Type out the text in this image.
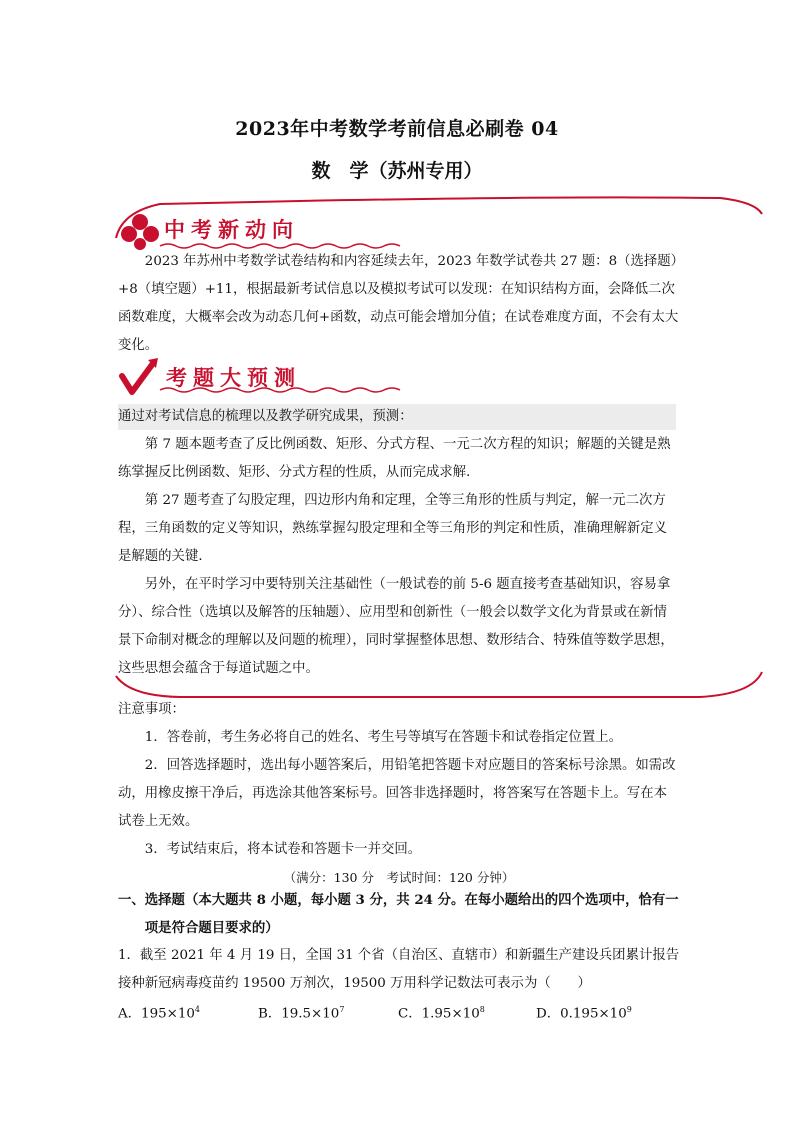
2023年中考数学考前信息必刷卷 04
数　学（苏州专用）
中考新动向

2023 年苏州中考数学试卷结构和内容延续去年，2023 年数学试卷共 27 题：8（选择题）+8（填空题）+11，根据最新考试信息以及模拟考试可以发现：在知识结构方面，会降低二次函数难度，大概率会改为动态几何+函数，动点可能会增加分值；在试卷难度方面，不会有太大变化。

考题大预测
通过对考试信息的梳理以及教学研究成果，预测：

第 7 题本题考查了反比例函数、矩形、分式方程、一元二次方程的知识；解题的关键是熟练掌握反比例函数、矩形、分式方程的性质，从而完成求解．

第 27 题考查了勾股定理，四边形内角和定理，全等三角形的性质与判定，解一元二次方程，三角函数的定义等知识，熟练掌握勾股定理和全等三角形的判定和性质，准确理解新定义是解题的关键．

另外，在平时学习中要特别关注基础性（一般试卷的前 5-6 题直接考查基础知识，容易拿分）、综合性（选填以及解答的压轴题）、应用型和创新性（一般会以数学文化为背景或在新情景下命制对概念的理解以及问题的梳理），同时掌握整体思想、数形结合、特殊值等数学思想，这些思想会蕴含于每道试题之中。

注意事项：

1．答卷前，考生务必将自己的姓名、考生号等填写在答题卡和试卷指定位置上。

2．回答选择题时，选出每小题答案后，用铅笔把答题卡对应题目的答案标号涂黑。如需改动，用橡皮擦干净后，再选涂其他答案标号。回答非选择题时，将答案写在答题卡上。写在本试卷上无效。

3．考试结束后，将本试卷和答题卡一并交回。

（满分：130 分　考试时间：120 分钟）

一、选择题（本大题共 8 小题，每小题 3 分，共 24 分。在每小题给出的四个选项中，恰有一项是符合题目要求的）

1．截至 2021 年 4 月 19 日，全国 31 个省（自治区、直辖市）和新疆生产建设兵团累计报告接种新冠病毒疫苗约 19500 万剂次，19500 万用科学记数法可表示为（　　）

A．$195\times 10^4$	B．$19.5\times 10^7$	C．$1.95\times 10^8$	D．$0.195\times 10^9$
